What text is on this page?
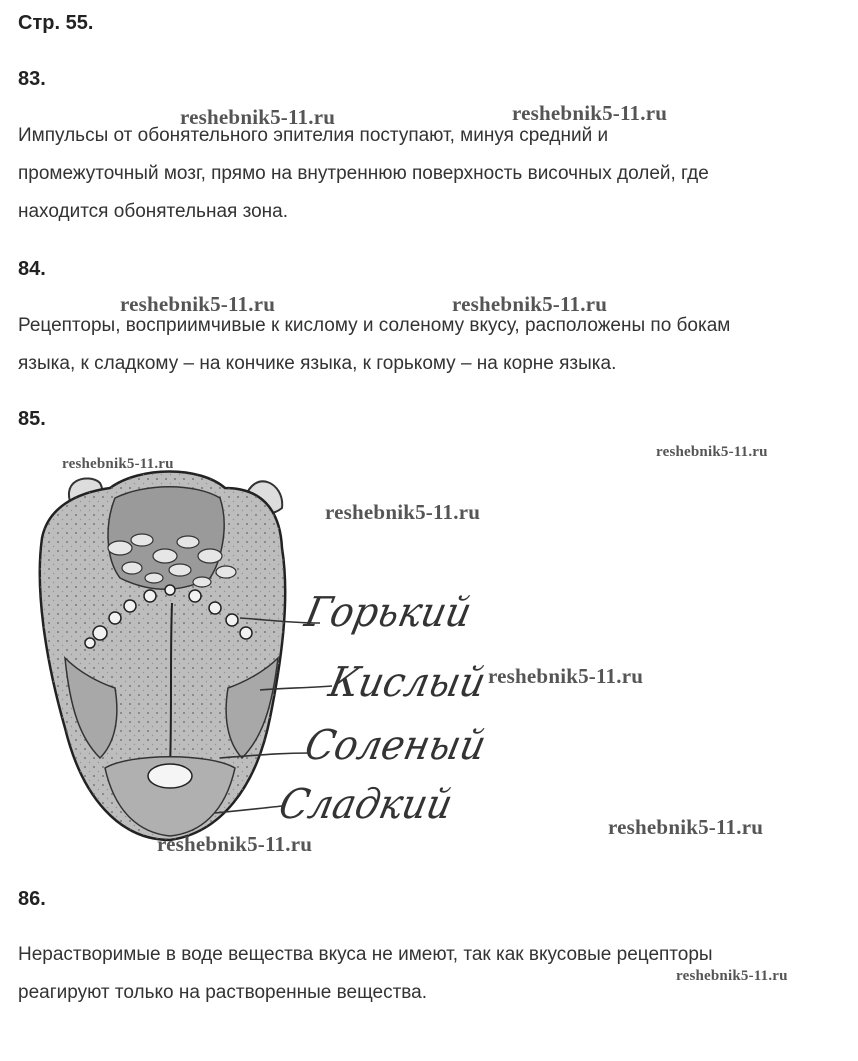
Стр. 55.
83.
reshebnik5-11.ru	reshebnik5-11.ru
Импульсы от обонятельного эпителия поступают, минуя средний и
промежуточный мозг, прямо на внутреннюю поверхность височных долей, где
находится обонятельная зона.
84.
reshebnik5-11.ru	reshebnik5-11.ru
Рецепторы, восприимчивые к кислому и соленому вкусу, расположены по бокам
языка, к сладкому – на кончике языка, к горькому – на корне языка.
85.
reshebnik5-11.ru
reshebnik5-11.ru
reshebnik5-11.ru
Горький
Кислый
reshebnik5-11.ru
Соленый
Сладкий	reshebnik5-11.ru
reshebnik5-11.ru
86.
Нерастворимые в воде вещества вкуса не имеют, так как вкусовые рецепторы
реагируют только на растворенные вещества.
reshebnik5-11.ru
